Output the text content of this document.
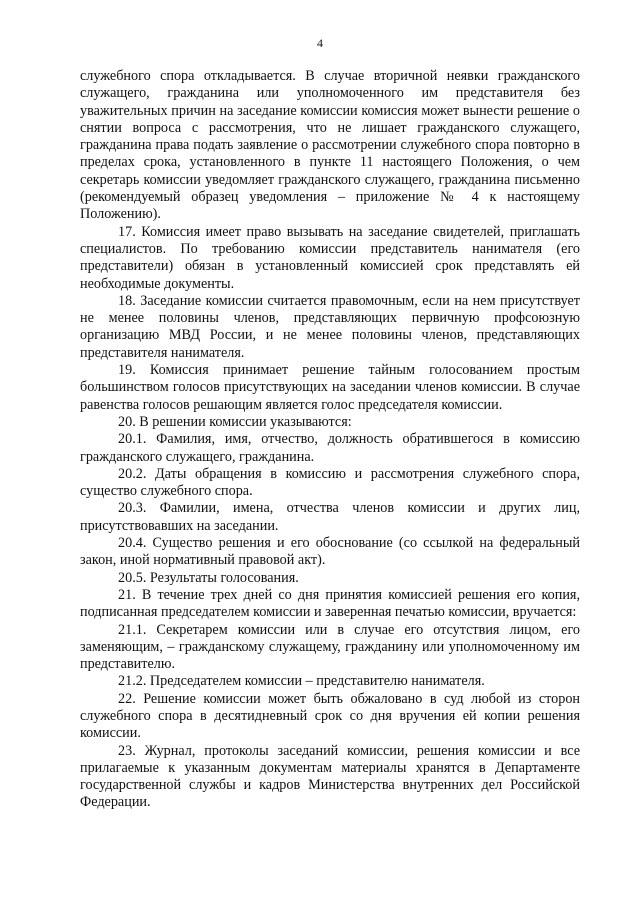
4

служебного спора откладывается. В случае вторичной неявки гражданского служащего, гражданина или уполномоченного им представителя без уважительных причин на заседание комиссии комиссия может вынести решение о снятии вопроса с рассмотрения, что не лишает гражданского служащего, гражданина права подать заявление о рассмотрении служебного спора повторно в пределах срока, установленного в пункте 11 настоящего Положения, о чем секретарь комиссии уведомляет гражданского служащего, гражданина письменно (рекомендуемый образец уведомления – приложение № 4 к настоящему Положению).

17. Комиссия имеет право вызывать на заседание свидетелей, приглашать специалистов. По требованию комиссии представитель нанимателя (его представители) обязан в установленный комиссией срок представлять ей необходимые документы.

18. Заседание комиссии считается правомочным, если на нем присутствует не менее половины членов, представляющих первичную профсоюзную организацию МВД России, и не менее половины членов, представляющих представителя нанимателя.

19. Комиссия принимает решение тайным голосованием простым большинством голосов присутствующих на заседании членов комиссии. В случае равенства голосов решающим является голос председателя комиссии.

20. В решении комиссии указываются:

20.1. Фамилия, имя, отчество, должность обратившегося в комиссию гражданского служащего, гражданина.

20.2. Даты обращения в комиссию и рассмотрения служебного спора, существо служебного спора.

20.3. Фамилии, имена, отчества членов комиссии и других лиц, присутствовавших на заседании.

20.4. Существо решения и его обоснование (со ссылкой на федеральный закон, иной нормативный правовой акт).

20.5. Результаты голосования.

21. В течение трех дней со дня принятия комиссией решения его копия, подписанная председателем комиссии и заверенная печатью комиссии, вручается:

21.1. Секретарем комиссии или в случае его отсутствия лицом, его заменяющим, – гражданскому служащему, гражданину или уполномоченному им представителю.

21.2. Председателем комиссии – представителю нанимателя.

22. Решение комиссии может быть обжаловано в суд любой из сторон служебного спора в десятидневный срок со дня вручения ей копии решения комиссии.

23. Журнал, протоколы заседаний комиссии, решения комиссии и все прилагаемые к указанным документам материалы хранятся в Департаменте государственной службы и кадров Министерства внутренних дел Российской Федерации.
